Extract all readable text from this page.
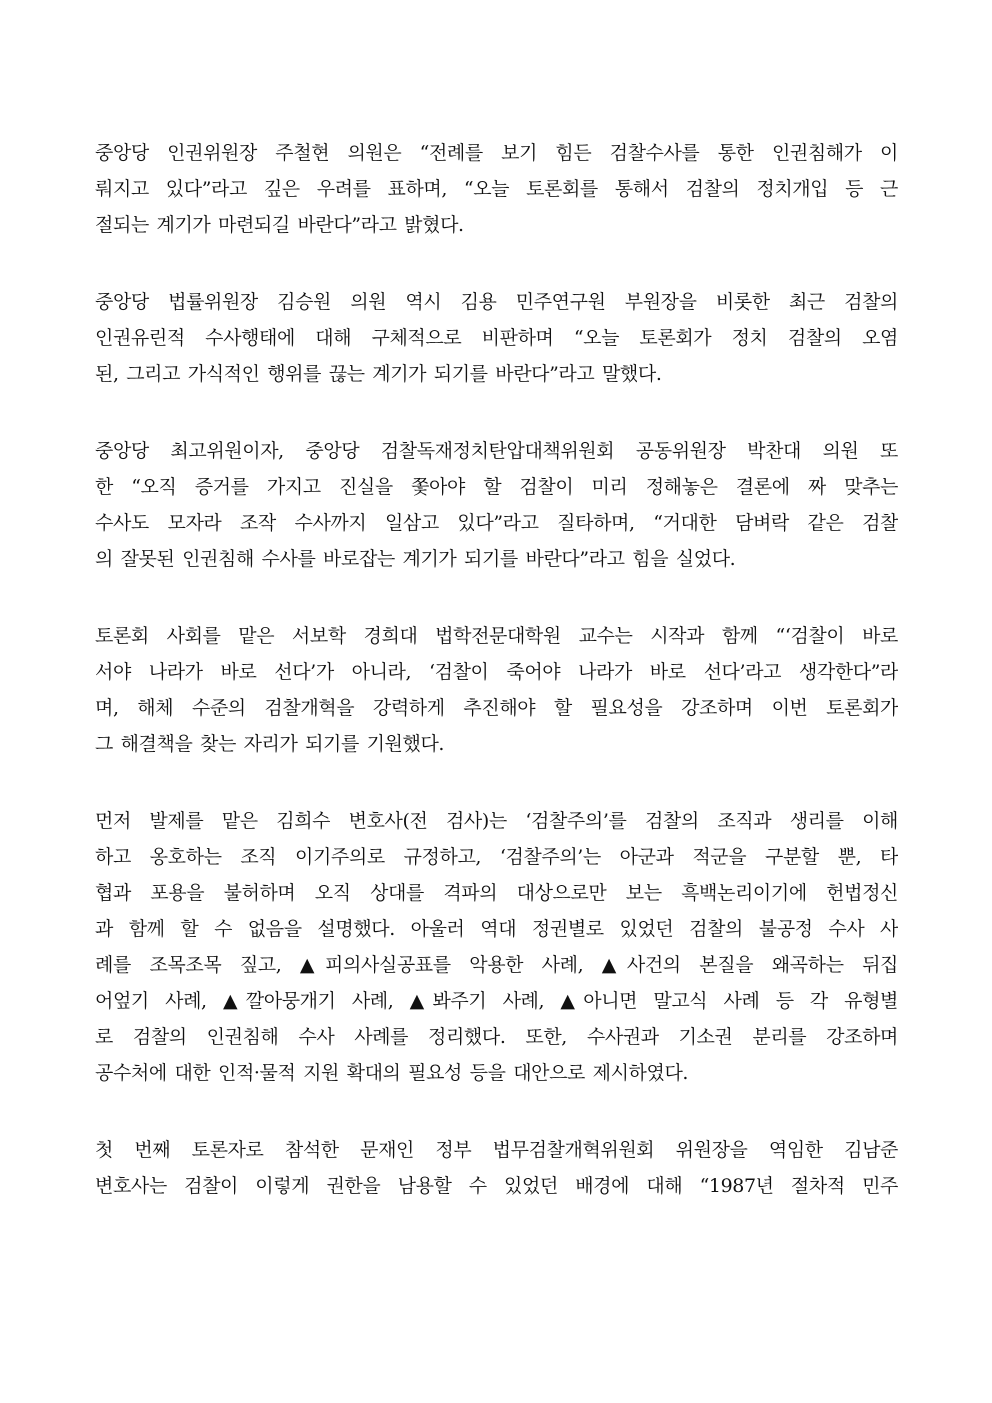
중앙당 인권위원장 주철현 의원은 “전례를 보기 힘든 검찰수사를 통한 인권침해가 이
뤄지고 있다”라고 깊은 우려를 표하며, “오늘 토론회를 통해서 검찰의 정치개입 등 근
절되는 계기가 마련되길 바란다”라고 밝혔다.
중앙당 법률위원장 김승원 의원 역시 김용 민주연구원 부원장을 비롯한 최근 검찰의
인권유린적 수사행태에 대해 구체적으로 비판하며 “오늘 토론회가 정치 검찰의 오염
된, 그리고 가식적인 행위를 끊는 계기가 되기를 바란다”라고 말했다.
중앙당 최고위원이자, 중앙당 검찰독재정치탄압대책위원회 공동위원장 박찬대 의원 또
한 “오직 증거를 가지고 진실을 쫓아야 할 검찰이 미리 정해놓은 결론에 짜 맞추는
수사도 모자라 조작 수사까지 일삼고 있다”라고 질타하며, “거대한 담벼락 같은 검찰
의 잘못된 인권침해 수사를 바로잡는 계기가 되기를 바란다”라고 힘을 실었다.
토론회 사회를 맡은 서보학 경희대 법학전문대학원 교수는 시작과 함께 “‘검찰이 바로
서야 나라가 바로 선다’가 아니라, ‘검찰이 죽어야 나라가 바로 선다’라고 생각한다”라
며, 해체 수준의 검찰개혁을 강력하게 추진해야 할 필요성을 강조하며 이번 토론회가
그 해결책을 찾는 자리가 되기를 기원했다.
먼저 발제를 맡은 김희수 변호사(전 검사)는 ‘검찰주의’를 검찰의 조직과 생리를 이해
하고 옹호하는 조직 이기주의로 규정하고, ‘검찰주의’는 아군과 적군을 구분할 뿐, 타
협과 포용을 불허하며 오직 상대를 격파의 대상으로만 보는 흑백논리이기에 헌법정신
과 함께 할 수 없음을 설명했다. 아울러 역대 정권별로 있었던 검찰의 불공정 수사 사
례를 조목조목 짚고, ▲피의사실공표를 악용한 사례, ▲사건의 본질을 왜곡하는 뒤집
어엎기 사례, ▲깔아뭉개기 사례, ▲봐주기 사례, ▲아니면 말고식 사례 등 각 유형별
로 검찰의 인권침해 수사 사례를 정리했다. 또한, 수사권과 기소권 분리를 강조하며
공수처에 대한 인적·물적 지원 확대의 필요성 등을 대안으로 제시하였다.
첫 번째 토론자로 참석한 문재인 정부 법무검찰개혁위원회 위원장을 역임한 김남준
변호사는 검찰이 이렇게 권한을 남용할 수 있었던 배경에 대해 “1987년 절차적 민주
